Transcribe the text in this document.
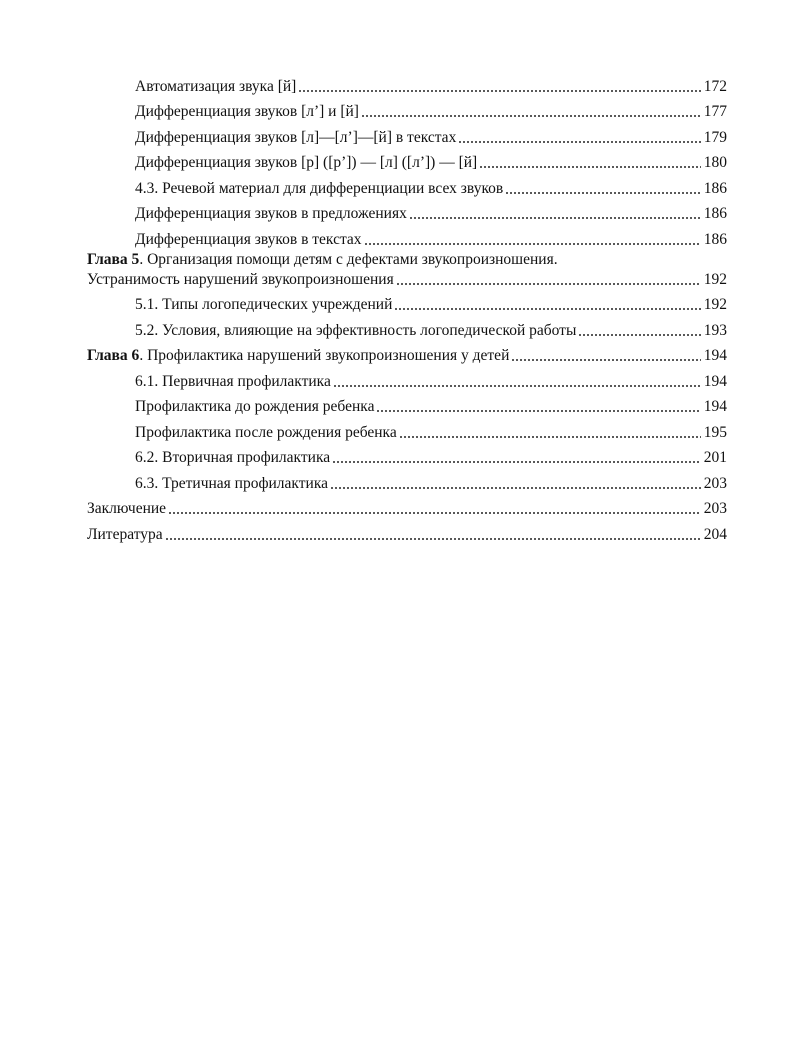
Автоматизация звука [й]	172
Дифференциация звуков [л’] и [й]	177
Дифференциация звуков [л]—[л’]—[й] в текстах	179
Дифференциация звуков [р] ([р’]) — [л] ([л’]) — [й]	180
4.3. Речевой материал для дифференциации всех звуков	186
Дифференциация звуков в предложениях	186
Дифференциация звуков в текстах	186
Глава 5. Организация помощи детям с дефектами звукопроизношения.
Устранимость нарушений звукопроизношения	192
5.1. Типы логопедических учреждений	192
5.2. Условия, влияющие на эффективность логопедической работы	193
Глава 6. Профилактика нарушений звукопроизношения у детей	194
6.1. Первичная профилактика	194
Профилактика до рождения ребенка	194
Профилактика после рождения ребенка	195
6.2. Вторичная профилактика	201
6.3. Третичная профилактика	203
Заключение	203
Литература	204
